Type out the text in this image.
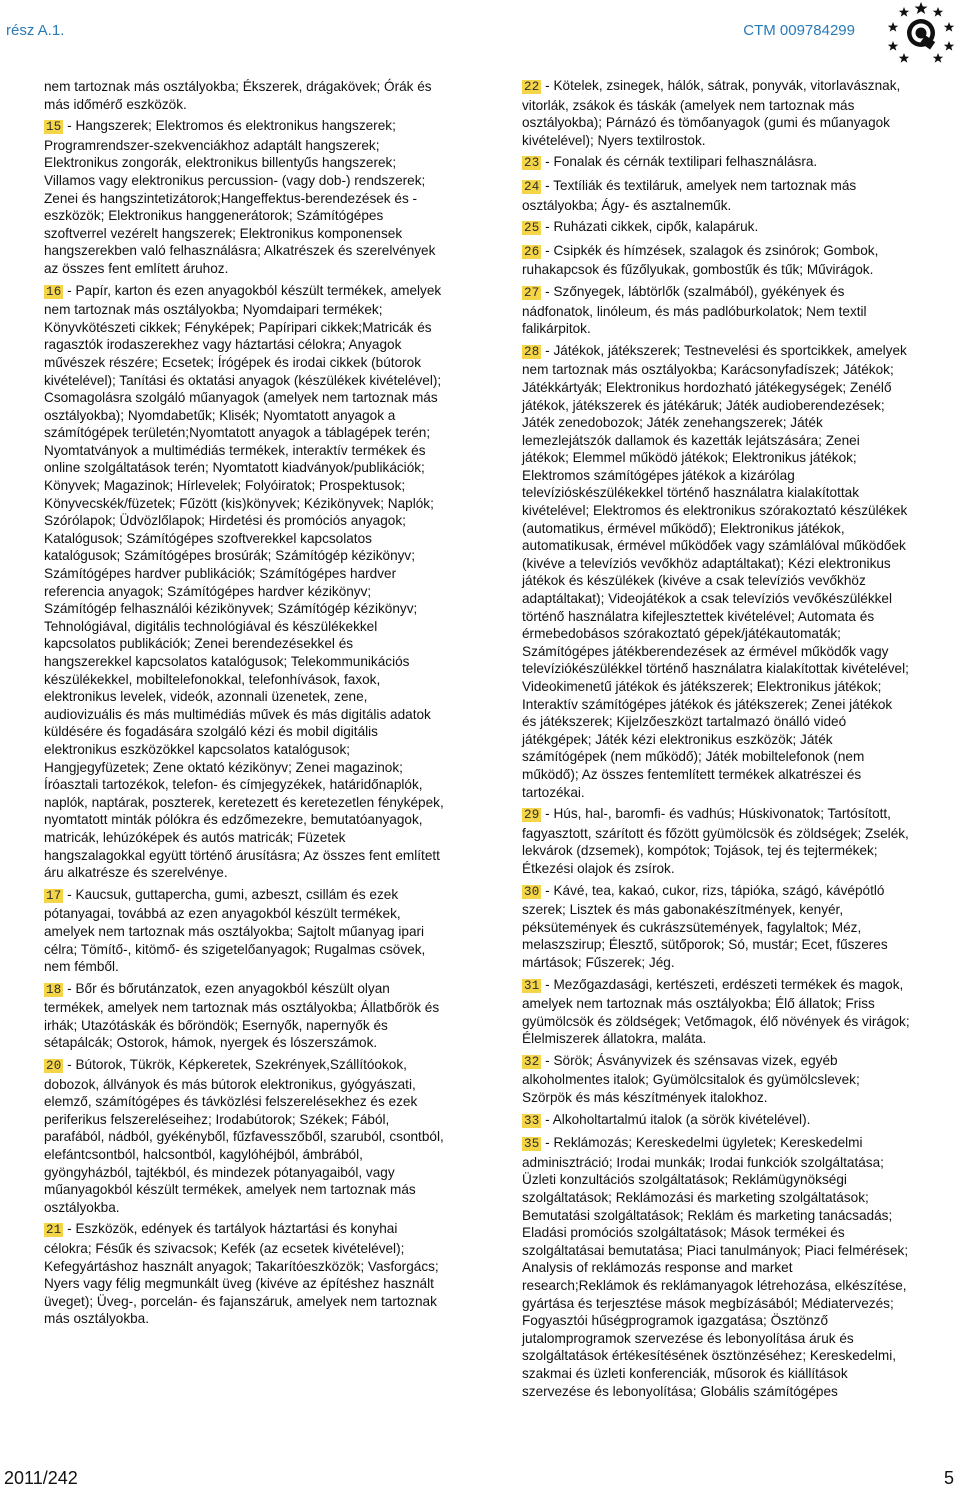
rész A.1.	CTM 009784299

nem tartoznak más osztályokba; Ékszerek, drágakövek; Órák és más időmérő eszközök.

15 - Hangszerek; Elektromos és elektronikus hangszerek; Programrendszer-szekvenciákhoz adaptált hangszerek; Elektronikus zongorák, elektronikus billentyűs hangszerek; Villamos vagy elektronikus percussion- (vagy dob-) rendszerek; Zenei és hangszintetizátorok;Hangeffektus-berendezések és -eszközök; Elektronikus hanggenerátorok; Számítógépes szoftverrel vezérelt hangszerek; Elektronikus komponensek hangszerekben való felhasználásra; Alkatrészek és szerelvények az összes fent említett áruhoz.

16 - Papír, karton és ezen anyagokból készült termékek, amelyek nem tartoznak más osztályokba; Nyomdaipari termékek; Könyvkötészeti cikkek; Fényképek; Papíripari cikkek;Matricák és ragasztók irodaszerekhez vagy háztartási célokra; Anyagok művészek részére; Ecsetek; Írógépek és irodai cikkek (bútorok kivételével); Tanítási és oktatási anyagok (készülékek kivételével); Csomagolásra szolgáló műanyagok (amelyek nem tartoznak más osztályokba); Nyomdabetűk; Klisék; Nyomtatott anyagok a számítógépek területén;Nyomtatott anyagok a táblagépek terén; Nyomtatványok a multimédiás termékek, interaktív termékek és online szolgáltatások terén; Nyomtatott kiadványok/publikációk; Könyvek; Magazinok; Hírlevelek; Folyóiratok; Prospektusok; Könyvecskék/füzetek; Fűzött (kis)könyvek; Kézikönyvek; Naplók; Szórólapok; Üdvözlőlapok; Hirdetési és promóciós anyagok; Katalógusok; Számítógépes szoftverekkel kapcsolatos katalógusok; Számítógépes brosúrák; Számítógép kézikönyv; Számítógépes hardver publikációk; Számítógépes hardver referencia anyagok; Számítógépes hardver kézikönyv; Számítógép felhasználói kézikönyvek; Számítógép kézikönyv; Tehnológiával, digitális technológiával és készülékekkel kapcsolatos publikációk; Zenei berendezésekkel és hangszerekkel kapcsolatos katalógusok; Telekommunikációs készülékekkel, mobiltelefonokkal, telefonhívások, faxok, elektronikus levelek, videók, azonnali üzenetek, zene, audiovizuális és más multimédiás művek és más digitális adatok küldésére és fogadására szolgáló kézi és mobil digitális elektronikus eszközökkel kapcsolatos katalógusok; Hangjegyfüzetek; Zene oktató kézikönyv; Zenei magazinok; Íróasztali tartozékok, telefon- és címjegyzékek, határidőnaplók, naplók, naptárak, poszterek, keretezett és keretezetlen fényképek, nyomtatott minták pólókra és edzőmezekre, bemutatóanyagok, matricák, lehúzóképek és autós matricák; Füzetek hangszalagokkal együtt történő árusításra; Az összes fent említett áru alkatrésze és szerelvénye.

17 - Kaucsuk, guttapercha, gumi, azbeszt, csillám és ezek pótanyagai, továbbá az ezen anyagokból készült termékek, amelyek nem tartoznak más osztályokba; Sajtolt műanyag ipari célra; Tömítő-, kitömő- és szigetelőanyagok; Rugalmas csövek, nem fémből.

18 - Bőr és bőrutánzatok, ezen anyagokból készült olyan termékek, amelyek nem tartoznak más osztályokba; Állatbőrök és irhák; Utazótáskák és bőröndök; Esernyők, napernyők és sétapálcák; Ostorok, hámok, nyergek és lószerszámok.

20 - Bútorok, Tükrök, Képkeretek, Szekrények,Szállítóokok, dobozok, állványok és más bútorok elektronikus, gyógyászati, elemző, számítógépes és távközlési felszerelésekhez és ezek periferikus felszereléseihez; Irodabútorok; Székek; Fából, parafából, nádból, gyékényből, fűzfavesszőből, szaruból, csontból, elefántcsontból, halcsontból, kagylóhéjból, ámbrából, gyöngyházból, tajtékból, és mindezek pótanyagaiból, vagy műanyagokból készült termékek, amelyek nem tartoznak más osztályokba.

21 - Eszközök, edények és tartályok háztartási és konyhai célokra; Fésűk és szivacsok; Kefék (az ecsetek kivételével); Kefegyártáshoz használt anyagok; Takarítóeszközök; Vasforgács; Nyers vagy félig megmunkált üveg (kivéve az építéshez használt üveget); Üveg-, porcelán- és fajanszáruk, amelyek nem tartoznak más osztályokba.

22 - Kötelek, zsinegek, hálók, sátrak, ponyvák, vitorlavásznak, vitorlák, zsákok és táskák (amelyek nem tartoznak más osztályokba); Párnázó és tömőanyagok (gumi és műanyagok kivételével); Nyers textilrostok.

23 - Fonalak és cérnák textilipari felhasználásra.

24 - Textíliák és textiláruk, amelyek nem tartoznak más osztályokba; Ágy- és asztalneműk.

25 - Ruházati cikkek, cipők, kalapáruk.

26 - Csipkék és hímzések, szalagok és zsinórok; Gombok, ruhakapcsok és fűzőlyukak, gombostűk és tűk; Művirágok.

27 - Szőnyegek, lábtörlők (szalmából), gyékények és nádfonatok, linóleum, és más padlóburkolatok; Nem textil falikárpitok.

28 - Játékok, játékszerek; Testnevelési és sportcikkek, amelyek nem tartoznak más osztályokba; Karácsonyfadíszek; Játékok; Játékkártyák; Elektronikus hordozható játékegységek; Zenélő játékok, játékszerek és játékáruk; Játék audioberendezések; Játék zenedobozok; Játék zenehangszerek; Játék lemezlejátszók dallamok és kazetták lejátszására; Zenei játékok; Elemmel működö játékok; Elektronikus játékok; Elektromos számítógépes játékok a kizárólag televízióskészülékekkel történő használatra kialakítottak kivételével; Elektromos és elektronikus szórakoztató készülékek (automatikus, érmével működő); Elektronikus játékok, automatikusak, érmével működőek vagy számlálóval működőek (kivéve a televíziós vevőkhöz adaptáltakat); Kézi elektronikus játékok és készülékek (kivéve a csak televíziós vevőkhöz adaptáltakat); Videojátékok a csak televíziós vevőkészülékkel történő használatra kifejlesztettek kivételével; Automata és érmebedobásos szórakoztató gépek/játékautomaták; Számítógépes játékberendezések az érmével működők vagy televíziókészülékkel történő használatra kialakítottak kivételével; Videokimenetű játékok és játékszerek; Elektronikus játékok; Interaktív számítógépes játékok és játékszerek; Zenei játékok és játékszerek; Kijelzőeszközt tartalmazó önálló videó játékgépek; Játék kézi elektronikus eszközök; Játék számítógépek (nem működő); Játék mobiltelefonok (nem működő); Az összes fentemlített termékek alkatrészei és tartozékai.

29 - Hús, hal-, baromfi- és vadhús; Húskivonatok; Tartósított, fagyasztott, szárított és főzött gyümölcsök és zöldségek; Zselék, lekvárok (dzsemek), kompótok; Tojások, tej és tejtermékek; Étkezési olajok és zsírok.

30 - Kávé, tea, kakaó, cukor, rizs, tápióka, szágó, kávépótló szerek; Lisztek és más gabonakészítmények, kenyér, péksütemények és cukrászsütemények, fagylaltok; Méz, melaszszirup; Élesztő, sütőporok; Só, mustár; Ecet, fűszeres mártások; Fűszerek; Jég.

31 - Mezőgazdasági, kertészeti, erdészeti termékek és magok, amelyek nem tartoznak más osztályokba; Élő állatok; Friss gyümölcsök és zöldségek; Vetőmagok, élő növények és virágok; Élelmiszerek állatokra, maláta.

32 - Sörök; Ásványvizek és szénsavas vizek, egyéb alkoholmentes italok; Gyümölcsitalok és gyümölcslevek; Szörpök és más készítmények italokhoz.

33 - Alkoholtartalmú italok (a sörök kivételével).

35 - Reklámozás; Kereskedelmi ügyletek; Kereskedelmi adminisztráció; Irodai munkák; Irodai funkciók szolgáltatása; Üzleti konzultációs szolgáltatások; Reklámügynökségi szolgáltatások; Reklámozási és marketing szolgáltatások; Bemutatási szolgáltatások; Reklám és marketing tanácsadás; Eladási promóciós szolgáltatások; Mások termékei és szolgáltatásai bemutatása; Piaci tanulmányok; Piaci felmérések; Analysis of reklámozás response and market research;Reklámok és reklámanyagok létrehozása, elkészítése, gyártása és terjesztése mások megbízásából; Médiatervezés; Fogyasztói hűségprogramok igazgatása; Ösztönző jutalomprogramok szervezése és lebonyolítása áruk és szolgáltatások értékesítésének ösztönzéséhez; Kereskedelmi, szakmai és üzleti konferenciák, műsorok és kiállítások szervezése és lebonyolítása; Globális számítógépes

2011/242	5
